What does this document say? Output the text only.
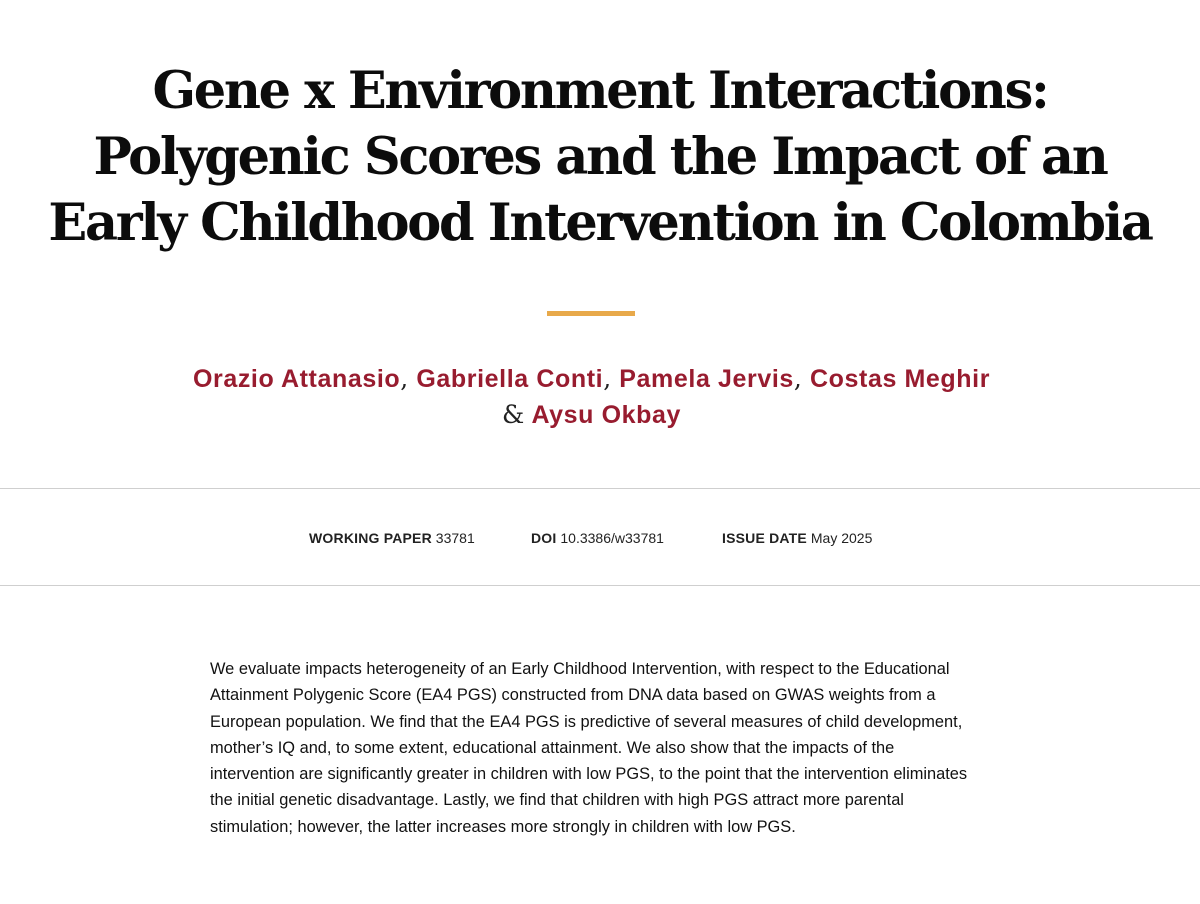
Gene x Environment Interactions: Polygenic Scores and the Impact of an Early Childhood Intervention in Colombia
Orazio Attanasio, Gabriella Conti, Pamela Jervis, Costas Meghir & Aysu Okbay
WORKING PAPER 33781	DOI 10.3386/w33781	ISSUE DATE May 2025

We evaluate impacts heterogeneity of an Early Childhood Intervention, with respect to the Educational Attainment Polygenic Score (EA4 PGS) constructed from DNA data based on GWAS weights from a European population. We find that the EA4 PGS is predictive of several measures of child development, mother’s IQ and, to some extent, educational attainment. We also show that the impacts of the intervention are significantly greater in children with low PGS, to the point that the intervention eliminates the initial genetic disadvantage. Lastly, we find that children with high PGS attract more parental stimulation; however, the latter increases more strongly in children with low PGS.
